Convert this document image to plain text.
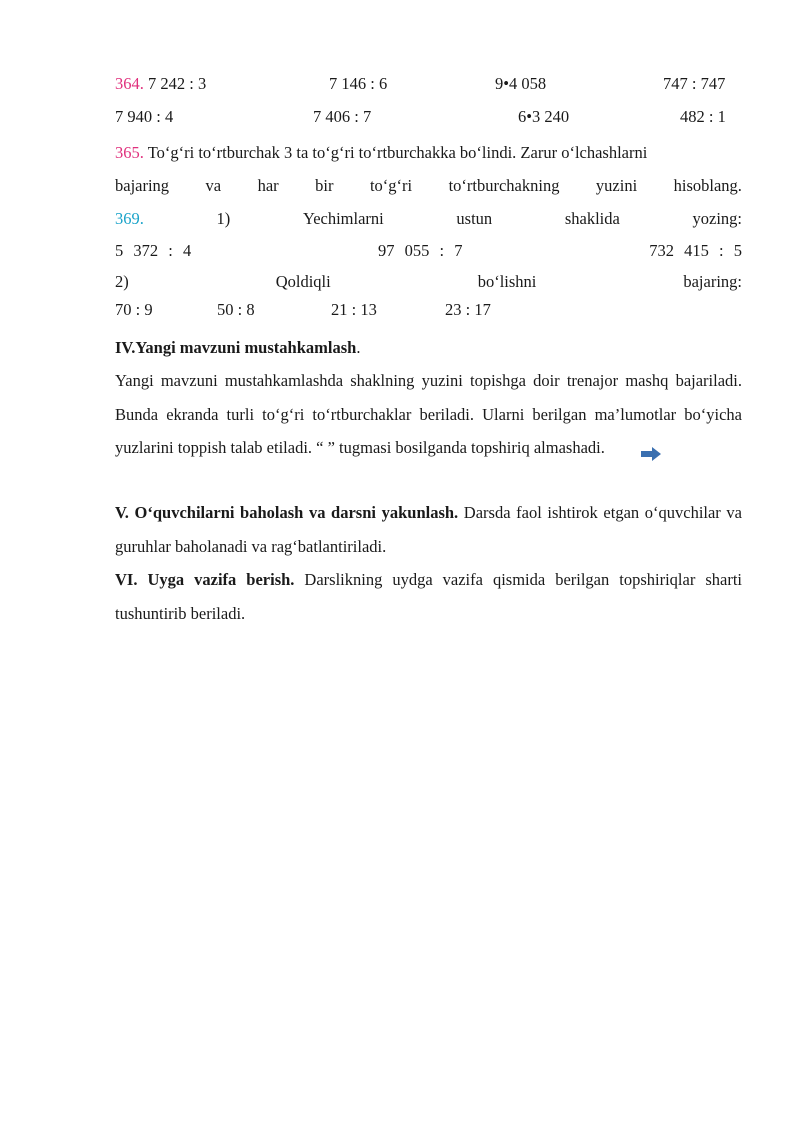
364. 7 242 : 3	7 146 : 6	9•4 058	747 : 747
7 940 : 4	7 406 : 7	6•3 240	482 : 1
365. To‘g‘ri to‘rtburchak 3 ta to‘g‘ri to‘rtburchakka bo‘lindi. Zarur o‘lchashlarni
bajaring va har bir to‘g‘ri to‘rtburchakning yuzini hisoblang.
369.	1)	Yechimlarni	ustun	shaklida	yozing:
5 372 : 4	97 055 : 7	732 415 : 5
2)	Qoldiqli	bo‘lishni	bajaring:
70 : 9	50 : 8	21 : 13	23 : 17
IV.Yangi mavzuni mustahkamlash.
Yangi mavzuni mustahkamlashda shaklning yuzini topishga doir trenajor mashq bajariladi. Bunda ekranda turli to‘g‘ri to‘rtburchaklar beriladi. Ularni berilgan ma’lumotlar bo‘yicha yuzlarini toppish talab etiladi. “ ” tugmasi bosilganda topshiriq almashadi.
V. O‘quvchilarni baholash va darsni yakunlash. Darsda faol ishtirok etgan o‘quvchilar va guruhlar baholanadi va rag‘batlantiriladi.
VI. Uyga vazifa berish. Darslikning uydga vazifa qismida berilgan topshiriqlar sharti tushuntirib beriladi.
